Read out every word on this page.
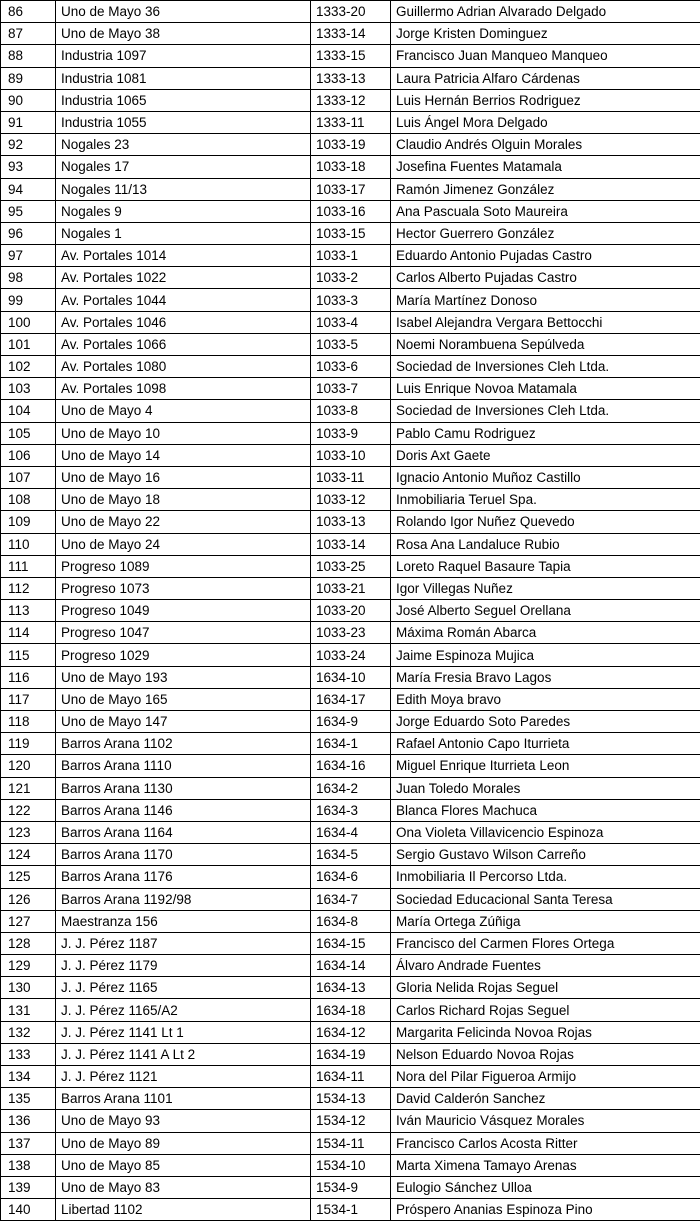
86	Uno de Mayo 36	1333-20	Guillermo Adrian Alvarado Delgado
87	Uno de Mayo 38	1333-14	Jorge Kristen Dominguez
88	Industria 1097	1333-15	Francisco Juan Manqueo Manqueo
89	Industria 1081	1333-13	Laura Patricia Alfaro Cárdenas
90	Industria 1065	1333-12	Luis Hernán Berrios Rodriguez
91	Industria 1055	1333-11	Luis Ángel Mora Delgado
92	Nogales 23	1033-19	Claudio Andrés Olguin Morales
93	Nogales 17	1033-18	Josefina Fuentes Matamala
94	Nogales 11/13	1033-17	Ramón Jimenez González
95	Nogales 9	1033-16	Ana Pascuala Soto Maureira
96	Nogales 1	1033-15	Hector Guerrero González
97	Av. Portales 1014	1033-1	Eduardo Antonio Pujadas Castro
98	Av. Portales 1022	1033-2	Carlos Alberto Pujadas Castro
99	Av. Portales 1044	1033-3	María Martínez Donoso
100	Av. Portales 1046	1033-4	Isabel Alejandra Vergara Bettocchi
101	Av. Portales 1066	1033-5	Noemi Norambuena Sepúlveda
102	Av. Portales 1080	1033-6	Sociedad de Inversiones Cleh Ltda.
103	Av. Portales 1098	1033-7	Luis Enrique Novoa Matamala
104	Uno de Mayo 4	1033-8	Sociedad de Inversiones Cleh Ltda.
105	Uno de Mayo 10	1033-9	Pablo Camu Rodriguez
106	Uno de Mayo 14	1033-10	Doris Axt Gaete
107	Uno de Mayo 16	1033-11	Ignacio Antonio Muñoz Castillo
108	Uno de Mayo 18	1033-12	Inmobiliaria Teruel Spa.
109	Uno de Mayo 22	1033-13	Rolando Igor Nuñez Quevedo
110	Uno de Mayo 24	1033-14	Rosa Ana Landaluce Rubio
111	Progreso 1089	1033-25	Loreto Raquel Basaure Tapia
112	Progreso 1073	1033-21	Igor Villegas Nuñez
113	Progreso 1049	1033-20	José Alberto Seguel Orellana
114	Progreso 1047	1033-23	Máxima Román Abarca
115	Progreso 1029	1033-24	Jaime Espinoza Mujica
116	Uno de Mayo 193	1634-10	María Fresia Bravo Lagos
117	Uno de Mayo 165	1634-17	Edith Moya bravo
118	Uno de Mayo 147	1634-9	Jorge Eduardo Soto Paredes
119	Barros Arana 1102	1634-1	Rafael Antonio Capo Iturrieta
120	Barros Arana 1110	1634-16	Miguel Enrique Iturrieta Leon
121	Barros Arana 1130	1634-2	Juan Toledo Morales
122	Barros Arana 1146	1634-3	Blanca Flores Machuca
123	Barros Arana 1164	1634-4	Ona Violeta Villavicencio Espinoza
124	Barros Arana 1170	1634-5	Sergio Gustavo Wilson Carreño
125	Barros Arana 1176	1634-6	Inmobiliaria Il Percorso Ltda.
126	Barros Arana 1192/98	1634-7	Sociedad Educacional Santa Teresa
127	Maestranza 156	1634-8	María Ortega Zúñiga
128	J. J. Pérez 1187	1634-15	Francisco del Carmen Flores Ortega
129	J. J. Pérez 1179	1634-14	Álvaro Andrade Fuentes
130	J. J. Pérez 1165	1634-13	Gloria Nelida Rojas Seguel
131	J. J. Pérez 1165/A2	1634-18	Carlos Richard Rojas Seguel
132	J. J. Pérez 1141 Lt 1	1634-12	Margarita Felicinda Novoa Rojas
133	J. J. Pérez 1141 A Lt 2	1634-19	Nelson Eduardo Novoa Rojas
134	J. J. Pérez 1121	1634-11	Nora del Pilar Figueroa Armijo
135	Barros Arana 1101	1534-13	David Calderón Sanchez
136	Uno de Mayo 93	1534-12	Iván Mauricio Vásquez Morales
137	Uno de Mayo 89	1534-11	Francisco Carlos Acosta Ritter
138	Uno de Mayo 85	1534-10	Marta Ximena Tamayo Arenas
139	Uno de Mayo 83	1534-9	Eulogio Sánchez Ulloa
140	Libertad 1102	1534-1	Próspero Ananias Espinoza Pino
